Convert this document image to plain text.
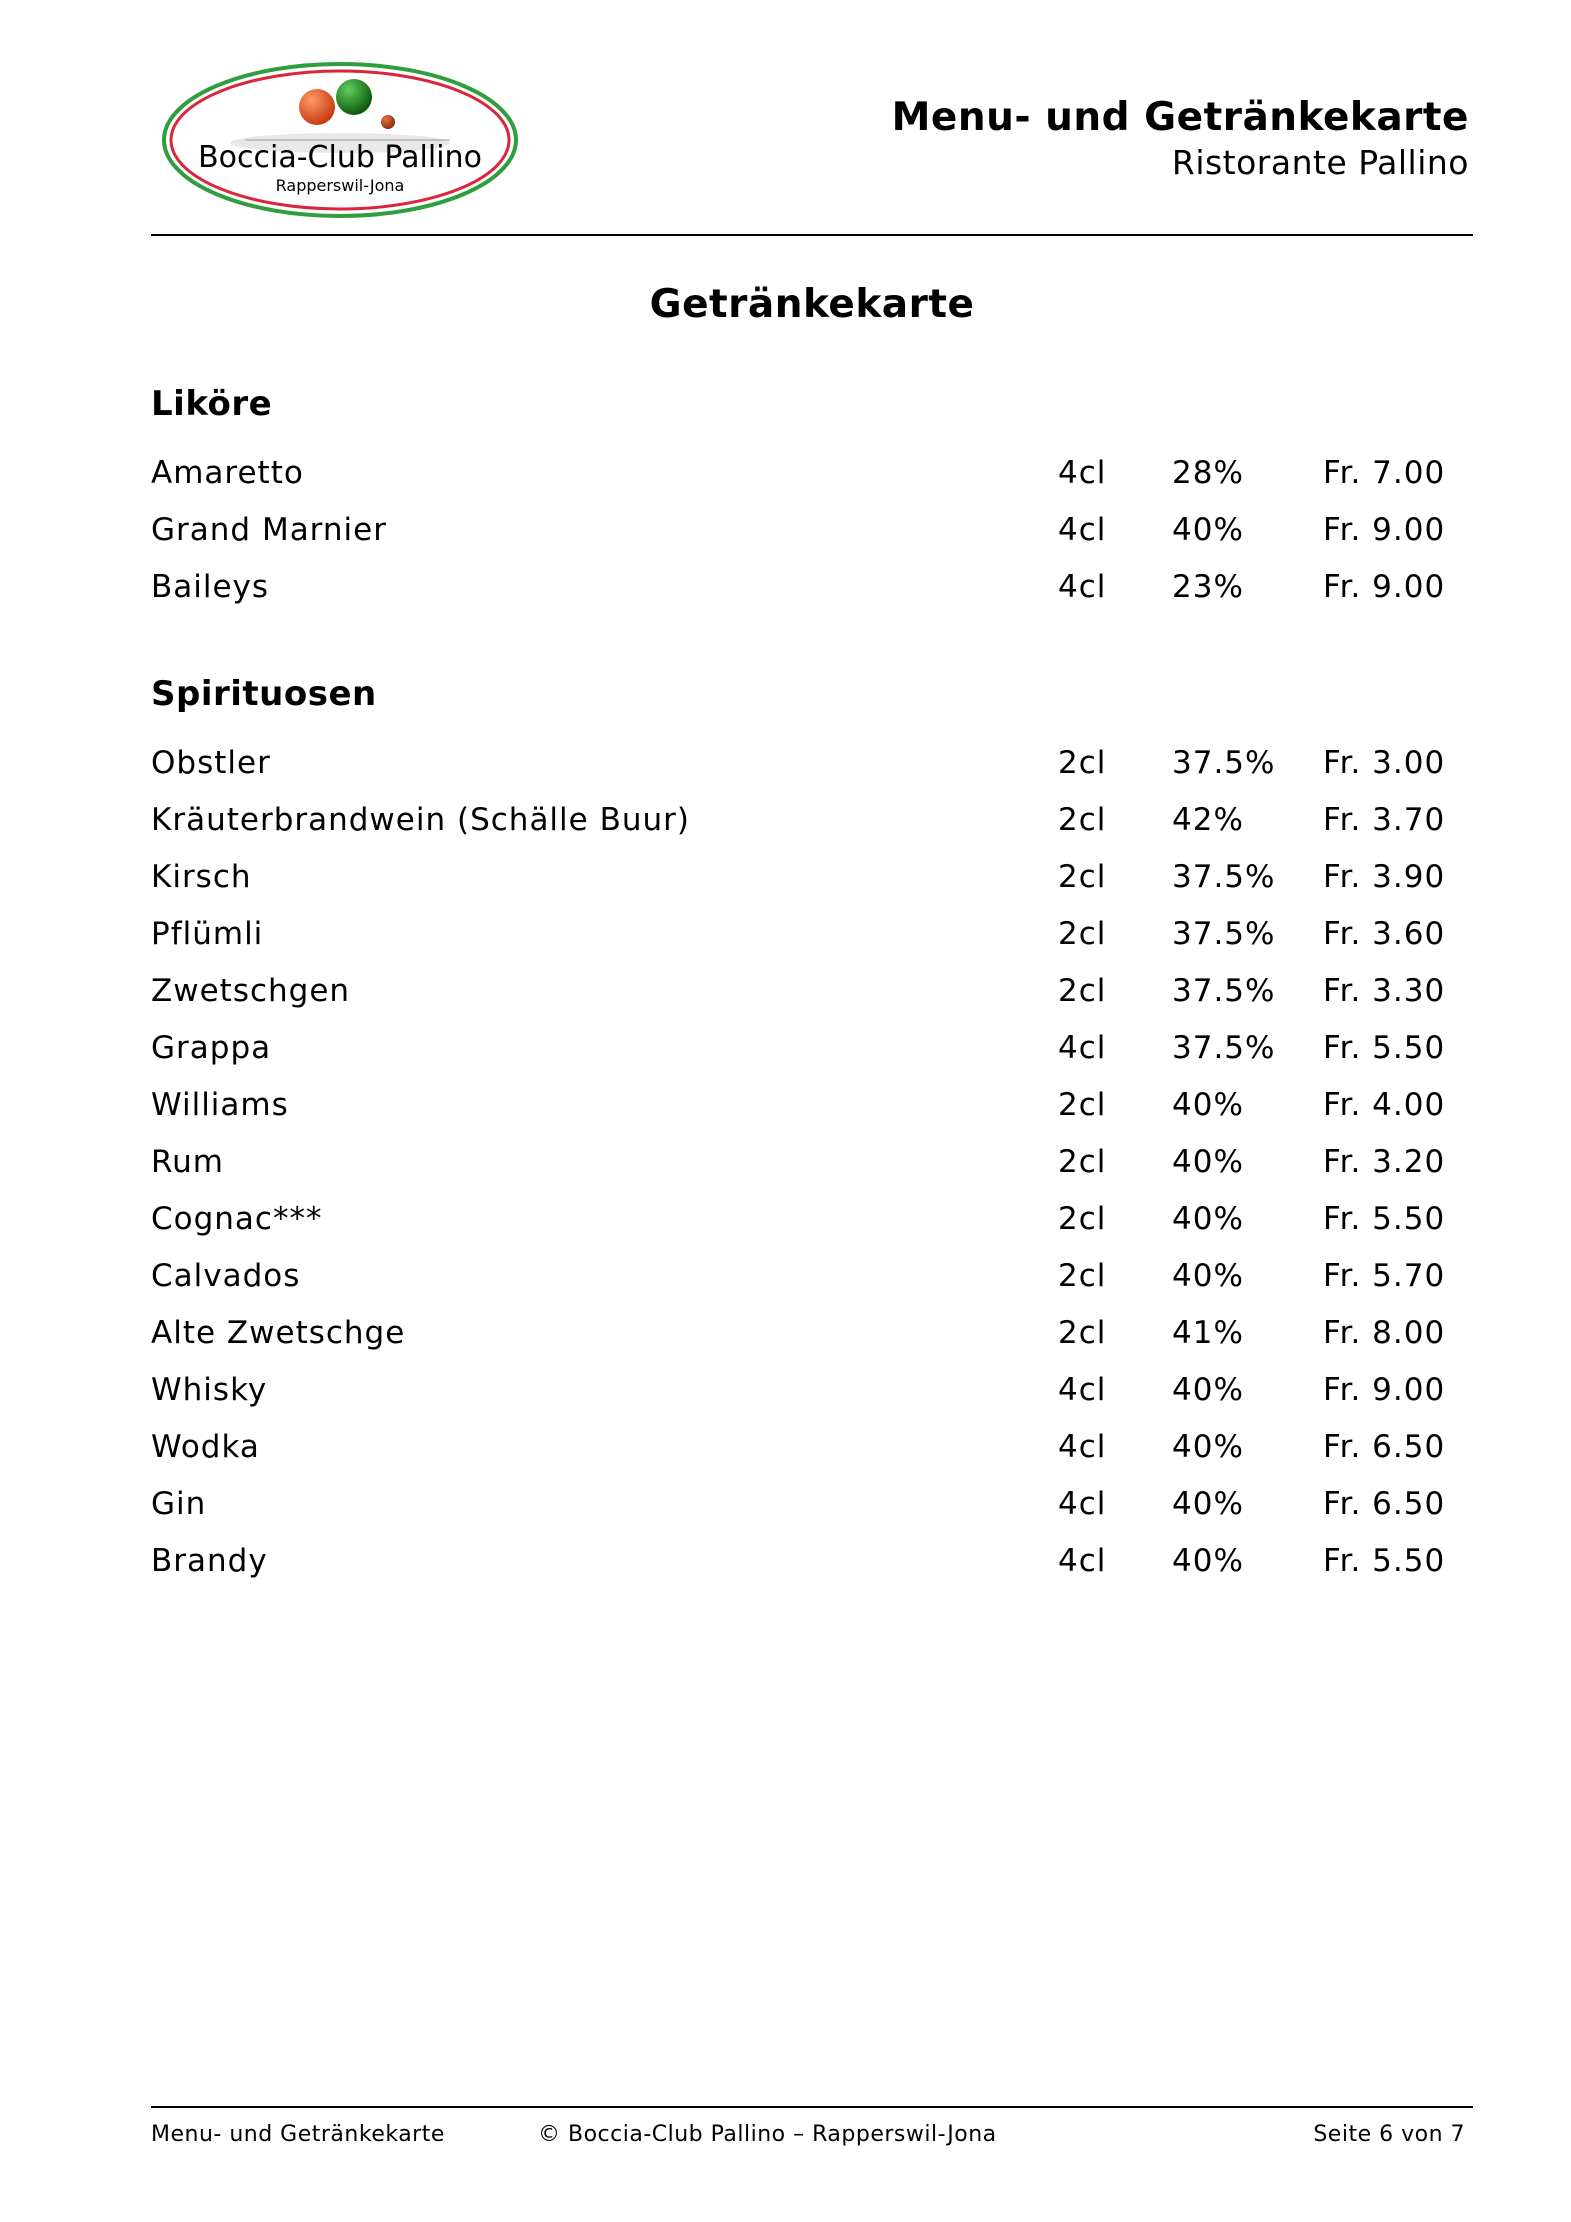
Boccia-Club Pallino
Rapperswil-Jona
Menu- und Getränkekarte
Ristorante Pallino
Getränkekarte
Liköre
Amaretto	4cl 28%	Fr. 7.00
Grand Marnier	4cl 40%	Fr. 9.00
Baileys	4cl 23%	Fr. 9.00
Spirituosen
Obstler	2cl 37.5% Fr. 3.00
Kräuterbrandwein (Schälle Buur)	2cl 42%	Fr. 3.70
Kirsch	2cl 37.5% Fr. 3.90
Pflümli	2cl 37.5% Fr. 3.60
Zwetschgen	2cl 37.5% Fr. 3.30
Grappa	4cl 37.5% Fr. 5.50
Williams	2cl 40%	Fr. 4.00
Rum	2cl 40%	Fr. 3.20
Cognac***	2cl 40%	Fr. 5.50
Calvados	2cl 40%	Fr. 5.70
Alte Zwetschge	2cl 41%	Fr. 8.00
Whisky	4cl 40%	Fr. 9.00
Wodka	4cl 40%	Fr. 6.50
Gin	4cl 40%	Fr. 6.50
Brandy	4cl 40%	Fr. 5.50
Menu- und Getränkekarte	© Boccia-Club Pallino – Rapperswil-Jona	Seite 6 von 7
